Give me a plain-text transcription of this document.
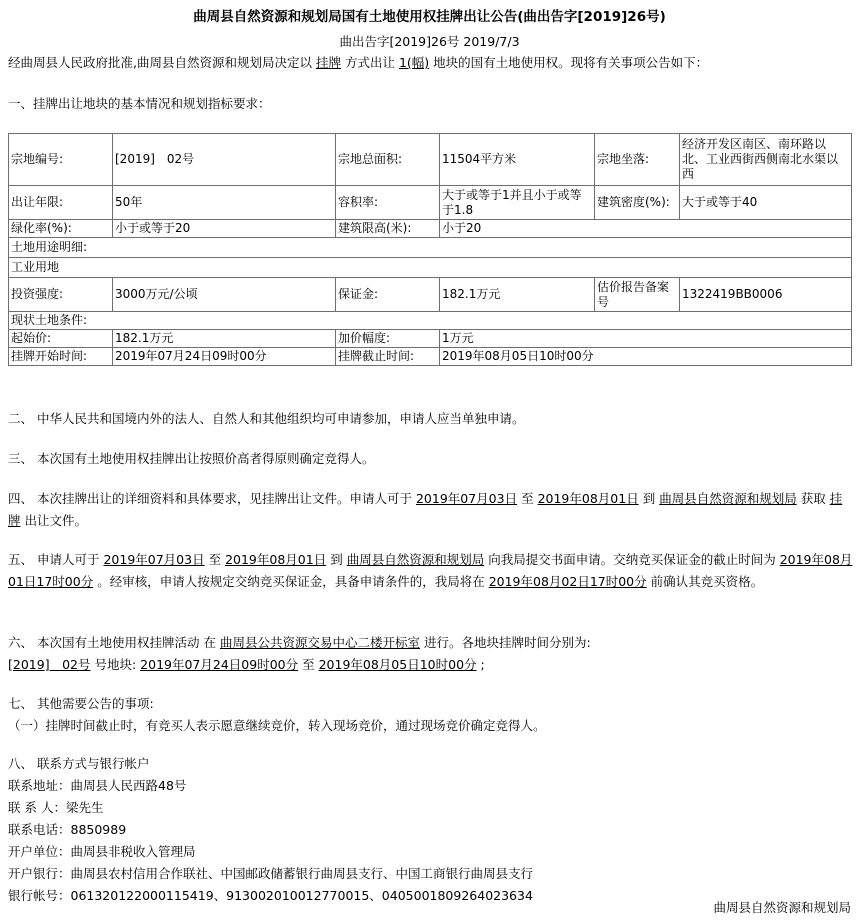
曲周县自然资源和规划局国有土地使用权挂牌出让公告(曲出告字[2019]26号)
曲出告字[2019]26号 2019/7/3
经曲周县人民政府批准,曲周县自然资源和规划局决定以 挂牌 方式出让 1(幅) 地块的国有土地使用权。现将有关事项公告如下：
一、挂牌出让地块的基本情况和规划指标要求：
宗地编号:	[2019]　02号	宗地总面积:	11504平方米	宗地坐落:	经济开发区南区、南环路以北、工业西街西侧南北水渠以西
出让年限:	50年	容积率:	大于或等于1并且小于或等于1.8	建筑密度(%):	大于或等于40
绿化率(%):	小于或等于20	建筑限高(米):	小于20		
土地用途明细:					
工业用地					
投资强度:	3000万元/公顷	保证金:	182.1万元	估价报告备案号	1322419BB0006
现状土地条件:					
起始价:	182.1万元	加价幅度:	1万元		
挂牌开始时间:	2019年07月24日09时00分	挂牌截止时间:	2019年08月05日10时00分		
二、 中华人民共和国境内外的法人、自然人和其他组织均可申请参加，申请人应当单独申请。
三、 本次国有土地使用权挂牌出让按照价高者得原则确定竞得人。
四、 本次挂牌出让的详细资料和具体要求，见挂牌出让文件。申请人可于 2019年07月03日 至 2019年08月01日 到 曲周县自然资源和规划局 获取 挂牌 出让文件。
五、 申请人可于 2019年07月03日 至 2019年08月01日 到 曲周县自然资源和规划局 向我局提交书面申请。交纳竞买保证金的截止时间为 2019年08月01日17时00分 。经审核，申请人按规定交纳竞买保证金，具备申请条件的，我局将在 2019年08月02日17时00分 前确认其竞买资格。
六、 本次国有土地使用权挂牌活动 在 曲周县公共资源交易中心二楼开标室 进行。各地块挂牌时间分别为:
[2019]　02号 号地块: 2019年07月24日09时00分 至 2019年08月05日10时00分 ;
七、 其他需要公告的事项:
（一）挂牌时间截止时，有竞买人表示愿意继续竞价，转入现场竞价，通过现场竞价确定竞得人。
八、 联系方式与银行帐户
联系地址：曲周县人民西路48号
联 系 人：梁先生
联系电话：8850989
开户单位：曲周县非税收入管理局
开户银行：曲周县农村信用合作联社、中国邮政储蓄银行曲周县支行、中国工商银行曲周县支行
银行帐号：061320122000115419、913002010012770015、0405001809264023634
曲周县自然资源和规划局
